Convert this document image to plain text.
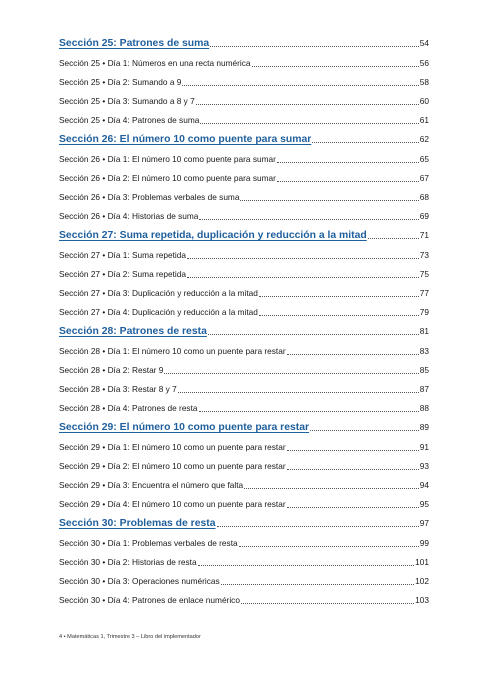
Sección 25: Patrones de suma	54
Sección 25 • Día 1: Números en una recta numérica	56
Sección 25 • Día 2: Sumando a 9	58
Sección 25 • Día 3: Sumando a 8 y 7	60
Sección 25 • Día 4: Patrones de suma	61
Sección 26: El número 10 como puente para sumar	62
Sección 26 • Día 1: El número 10 como puente para sumar	65
Sección 26 • Día 2: El número 10 como puente para sumar	67
Sección 26 • Día 3: Problemas verbales de suma	68
Sección 26 • Día 4: Historias de suma	69
Sección 27: Suma repetida, duplicación y reducción a la mitad	71
Sección 27 • Día 1: Suma repetida	73
Sección 27 • Día 2: Suma repetida	75
Sección 27 • Día 3: Duplicación y reducción a la mitad	77
Sección 27 • Día 4: Duplicación y reducción a la mitad	79
Sección 28: Patrones de resta	81
Sección 28 • Día 1: El número 10 como un puente para restar	83
Sección 28 • Día 2: Restar 9	85
Sección 28 • Día 3: Restar 8 y 7	87
Sección 28 • Día 4: Patrones de resta	88
Sección 29: El número 10 como puente para restar	89
Sección 29 • Día 1: El número 10 como un puente para restar	91
Sección 29 • Día 2: El número 10 como un puente para restar	93
Sección 29 • Día 3: Encuentra el número que falta	94
Sección 29 • Día 4: El número 10 como un puente para restar	95
Sección 30: Problemas de resta	97
Sección 30 • Día 1: Problemas verbales de resta	99
Sección 30 • Día 2: Historias de resta	101
Sección 30 • Día 3: Operaciones numéricas	102
Sección 30 • Día 4: Patrones de enlace numérico	103
4 • Matemáticas 1, Trimestre 3 – Libro del implementador
